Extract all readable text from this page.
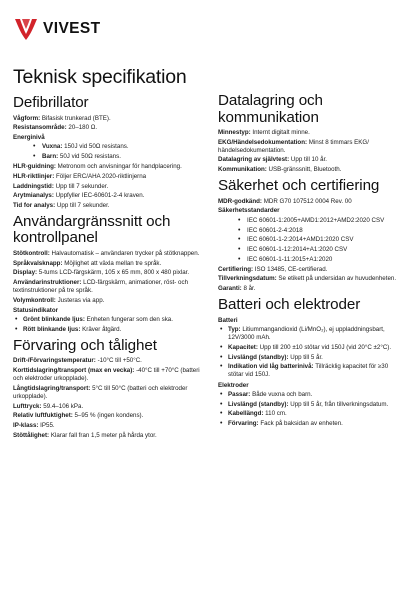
VIVEST
Teknisk specifikation
Defibrillator
Vågform: Bifasisk trunkerad (BTE).
Resistansområde: 20–180 Ω.
Energinivå
• Vuxna: 150J vid 50Ω resistans.
• Barn: 50J vid 50Ω resistans.
HLR-guidning: Metronom och anvisningar för handplacering.
HLR-riktlinjer: Följer ERC/AHA 2020-riktlinjerna
Laddningstid: Upp till 7 sekunder.
Arytmianalys: Uppfyller IEC-60601-2-4 kraven.
Tid for analys: Upp till 7 sekunder.
Användargränssnitt och kontrollpanel
Stötkontroll: Halvautomatisk – användaren trycker på stötknappen.
Språkvalsknapp: Möjlighet att växla mellan tre språk.
Display: 5-tums LCD-färgskärm, 105 x 65 mm, 800 x 480 pixlar.
Användarinstruktioner: LCD-färgskärm, animationer, röst- och textinstruktioner på tre språk.
Volymkontroll: Justeras via app.
Statusindikator
• Grönt blinkande ljus: Enheten fungerar som den ska.
• Rött blinkande ljus: Kräver åtgärd.
Förvaring och tålighet
Drift-/Förvaringstemperatur: -10°C till +50°C.
Korttidslagring/transport (max en vecka): -40°C till +70°C (batteri och elektroder urkopplade).
Långtidslagring/transport: 5°C till 50°C (batteri och elektroder urkopplade).
Lufttryck: 59.4–106 kPa.
Relativ luftfuktighet: 5–95 % (ingen kondens).
IP-klass: IP55.
Stöttålighet: Klarar fall fran 1,5 meter på hårda ytor.
Datalagring och kommunikation
Minnestyp: Internt digitalt minne.
EKG/Händelsedokumentation: Minst 8 timmars EKG/ händelsedokumentation.
Datalagring av självtest: Upp till 10 år.
Kommunikation: USB-gränssnitt, Bluetooth.
Säkerhet och certifiering
MDR-godkänd: MDR G70 107512 0004 Rev. 00
Säkerhetsstandarder
• IEC 60601-1:2005+AMD1:2012+AMD2:2020 CSV
• IEC 60601-2-4:2018
• IEC 60601-1-2:2014+AMD1:2020 CSV
• IEC 60601-1-12:2014+A1:2020 CSV
• IEC 60601-1-11:2015+A1:2020
Certifiering: ISO 13485, CE-certifierad.
Tillverkningsdatum: Se etikett på undersidan av huvudenheten.
Garanti: 8 år.
Batteri och elektroder
Batteri
• Typ: Litiummangandioxid (Li/MnO₂), ej uppladdningsbart, 12V/3000 mAh.
• Kapacitet: Upp till 200 ±10 stötar vid 150J (vid 20°C ±2°C).
• Livslängd (standby): Upp till 5 år.
• Indikation vid låg batterinivå: Tillräcklig kapacitet för ≥30 stötar vid 150J.
Elektroder
• Passar: Både vuxna och barn.
• Livslängd (standby): Upp till 5 år, från tillverkningsdatum.
• Kabellängd: 110 cm.
• Förvaring: Fack på baksidan av enheten.
